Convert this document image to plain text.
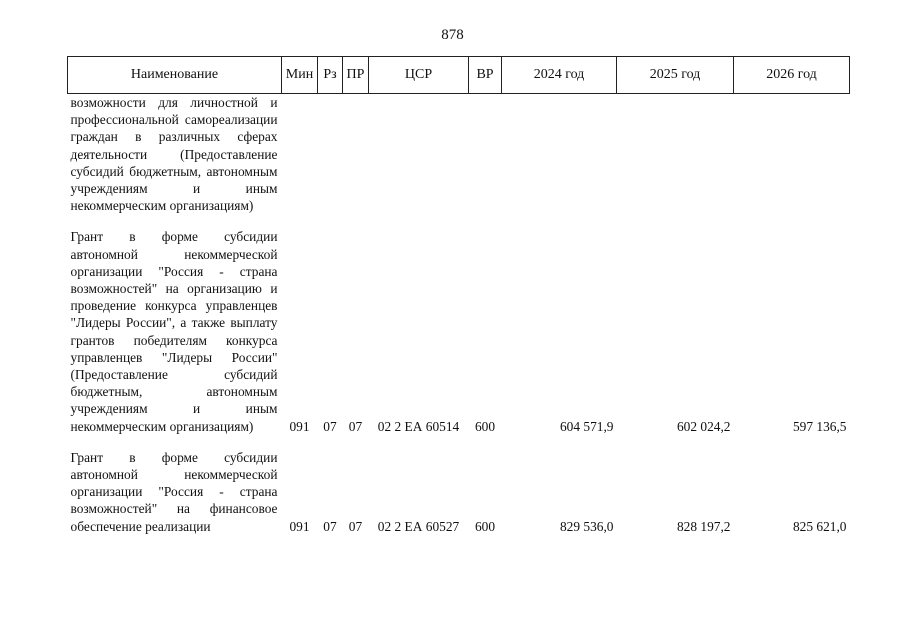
878
Наименование	Мин	Рз	ПР	ЦСР	ВР	2024 год	2025 год	2026 год
возможности для личностной и профессиональной самореализации граждан в различных сферах деятельности (Предоставление субсидий бюджетным, автономным учреждениям и иным некоммерческим организациям)								

Грант в форме субсидии автономной некоммерческой организации "Россия - страна возможностей" на организацию и проведение конкурса управленцев "Лидеры России", а также выплату грантов победителям конкурса управленцев "Лидеры России" (Предоставление субсидий бюджетным, автономным учреждениям и иным некоммерческим организациям)	091	07	07	02 2 ЕА 60514	600	604 571,9	602 024,2	597 136,5

Грант в форме субсидии автономной некоммерческой организации "Россия - страна возможностей" на финансовое обеспечение реализации	091	07	07	02 2 ЕА 60527	600	829 536,0	828 197,2	825 621,0
